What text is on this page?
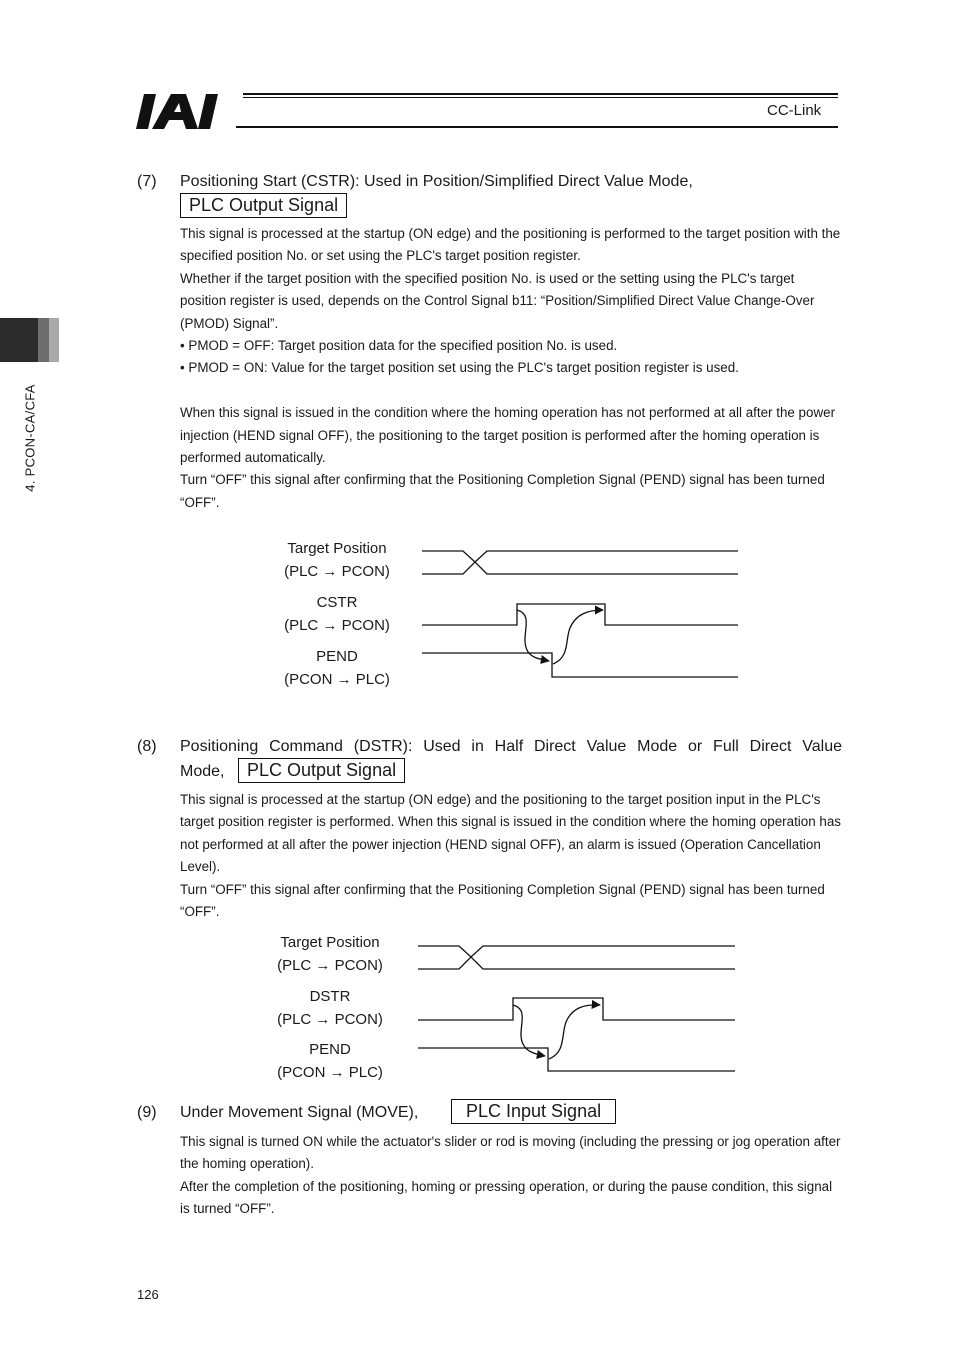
CC-Link
4. PCON-CA/CFA
(7) Positioning Start (CSTR): Used in Position/Simplified Direct Value Mode,
PLC Output Signal

This signal is processed at the startup (ON edge) and the positioning is performed to the target position with the specified position No. or set using the PLC's target position register.

Whether if the target position with the specified position No. is used or the setting using the PLC's target position register is used, depends on the Control Signal b11: “Position/Simplified Direct Value Change-Over (PMOD) Signal”.

• PMOD = OFF: Target position data for the specified position No. is used.

• PMOD = ON: Value for the target position set using the PLC's target position register is used.

When this signal is issued in the condition where the homing operation has not performed at all after the power injection (HEND signal OFF), the positioning to the target position is performed after the homing operation is performed automatically.

Turn “OFF” this signal after confirming that the Positioning Completion Signal (PEND) signal has been turned “OFF”.

Target Position
(PLC → PCON)
CSTR
(PLC → PCON)
PEND
(PCON → PLC)
(8) Positioning Command (DSTR): Used in Half Direct Value Mode or Full Direct Value
Mode,	PLC Output Signal

This signal is processed at the startup (ON edge) and the positioning to the target position input in the PLC's target position register is performed. When this signal is issued in the condition where the homing operation has not performed at all after the power injection (HEND signal OFF), an alarm is issued (Operation Cancellation Level).

Turn “OFF” this signal after confirming that the Positioning Completion Signal (PEND) signal has been turned “OFF”.

Target Position
(PLC → PCON)
DSTR
(PLC → PCON)
PEND
(PCON → PLC)
(9) Under Movement Signal (MOVE),	PLC Input Signal

This signal is turned ON while the actuator's slider or rod is moving (including the pressing or jog operation after the homing operation).

After the completion of the positioning, homing or pressing operation, or during the pause condition, this signal is turned “OFF”.

126
